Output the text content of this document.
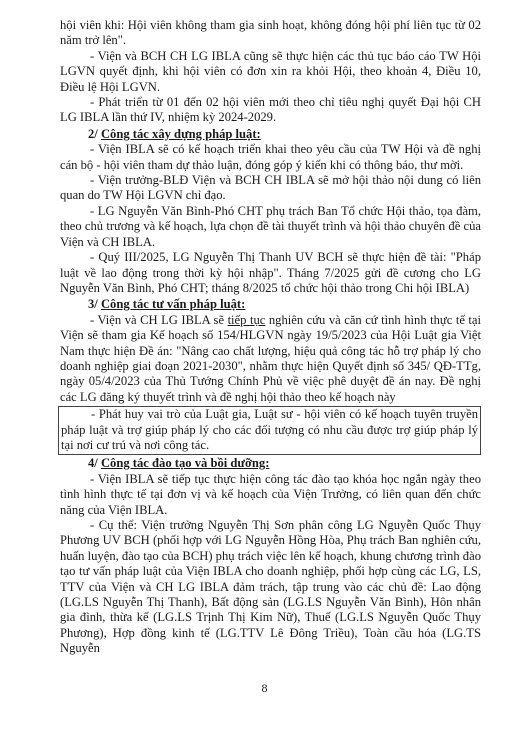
hội viên khi: Hội viên không tham gia sinh hoạt, không đóng hội phí liên tục từ 02 năm trở lên".

- Viện và BCH CH LG IBLA cũng sẽ thực hiện các thủ tục báo cáo TW Hội LGVN quyết định, khi hội viên có đơn xin ra khỏi Hội, theo khoản 4, Điều 10, Điều lệ Hội LGVN.

- Phát triển từ 01 đến 02 hội viên mới theo chỉ tiêu nghị quyết Đại hội CH LG IBLA lần thứ IV, nhiệm kỳ 2024-2029.

2/ Công tác xây dựng pháp luật:

- Viện IBLA sẽ có kế hoạch triển khai theo yêu cầu của TW Hội và đề nghị cán bộ - hội viên tham dự thảo luận, đóng góp ý kiến khi có thông báo, thư mời.

- Viện trưởng-BLĐ Viện và BCH CH IBLA sẽ mở hội thảo nội dung có liên quan do TW Hội LGVN chỉ đạo.

- LG Nguyễn Văn Bình-Phó CHT phụ trách Ban Tổ chức Hội thảo, tọa đàm, theo chủ trương và kế hoạch, lựa chọn đề tài thuyết trình và hội thảo chuyên đề của Viện và CH IBLA.

- Quý III/2025, LG Nguyễn Thị Thanh UV BCH sẽ thực hiện đề tài: "Pháp luật về lao động trong thời kỳ hội nhập". Tháng 7/2025 gửi đề cương cho LG Nguyễn Văn Bình, Phó CHT; tháng 8/2025 tổ chức hội thảo trong Chi hội IBLA)

3/ Công tác tư vấn pháp luật:

- Viện và CH LG IBLA sẽ tiếp tục nghiên cứu và căn cứ tình hình thực tế tại Viện sẽ tham gia Kế hoạch số 154/HLGVN ngày 19/5/2023 của Hội Luật gia Việt Nam thực hiện Đề án: "Nâng cao chất lượng, hiệu quả công tác hỗ trợ pháp lý cho doanh nghiệp giai đoạn 2021-2030", nhằm thực hiện Quyết định số 345/ QĐ-TTg, ngày 05/4/2023 của Thủ Tướng Chính Phủ về việc phê duyệt đề án nay. Đề nghị các LG đăng ký thuyết trình và đề nghị hội thảo theo kế hoạch này

- Phát huy vai trò của Luật gia, Luật sư - hội viên có kế hoạch tuyên truyền pháp luật và trợ giúp pháp lý cho các đối tượng có nhu cầu được trợ giúp pháp lý tại nơi cư trú và nơi công tác.

4/ Công tác đào tạo và bồi dưỡng:

- Viện IBLA sẽ tiếp tục thực hiện công tác đào tạo khóa học ngắn ngày theo tình hình thực tế tại đơn vị và kế hoạch của Viện Trưởng, có liên quan đến chức năng của Viện IBLA.

- Cụ thể: Viện trưởng Nguyễn Thị Sơn phân công LG Nguyễn Quốc Thụy Phương UV BCH (phối hợp với LG Nguyễn Hồng Hòa, Phụ trách Ban nghiên cứu, huấn luyện, đào tạo của BCH) phụ trách việc lên kế hoạch, khung chương trình đào tạo tư vấn pháp luật của Viện IBLA cho doanh nghiệp, phối hợp cùng các LG, LS, TTV của Viện và CH LG IBLA đảm trách, tập trung vào các chủ đề: Lao động (LG.LS Nguyễn Thị Thanh), Bất động sản (LG.LS Nguyễn Văn Bình), Hôn nhân gia đình, thừa kế (LG.LS Trịnh Thị Kim Nữ), Thuế (LG.LS Nguyễn Quốc Thụy Phương), Hợp đồng kinh tế (LG.TTV Lê Đông Triều), Toàn cầu hóa (LG.TS Nguyễn

8
